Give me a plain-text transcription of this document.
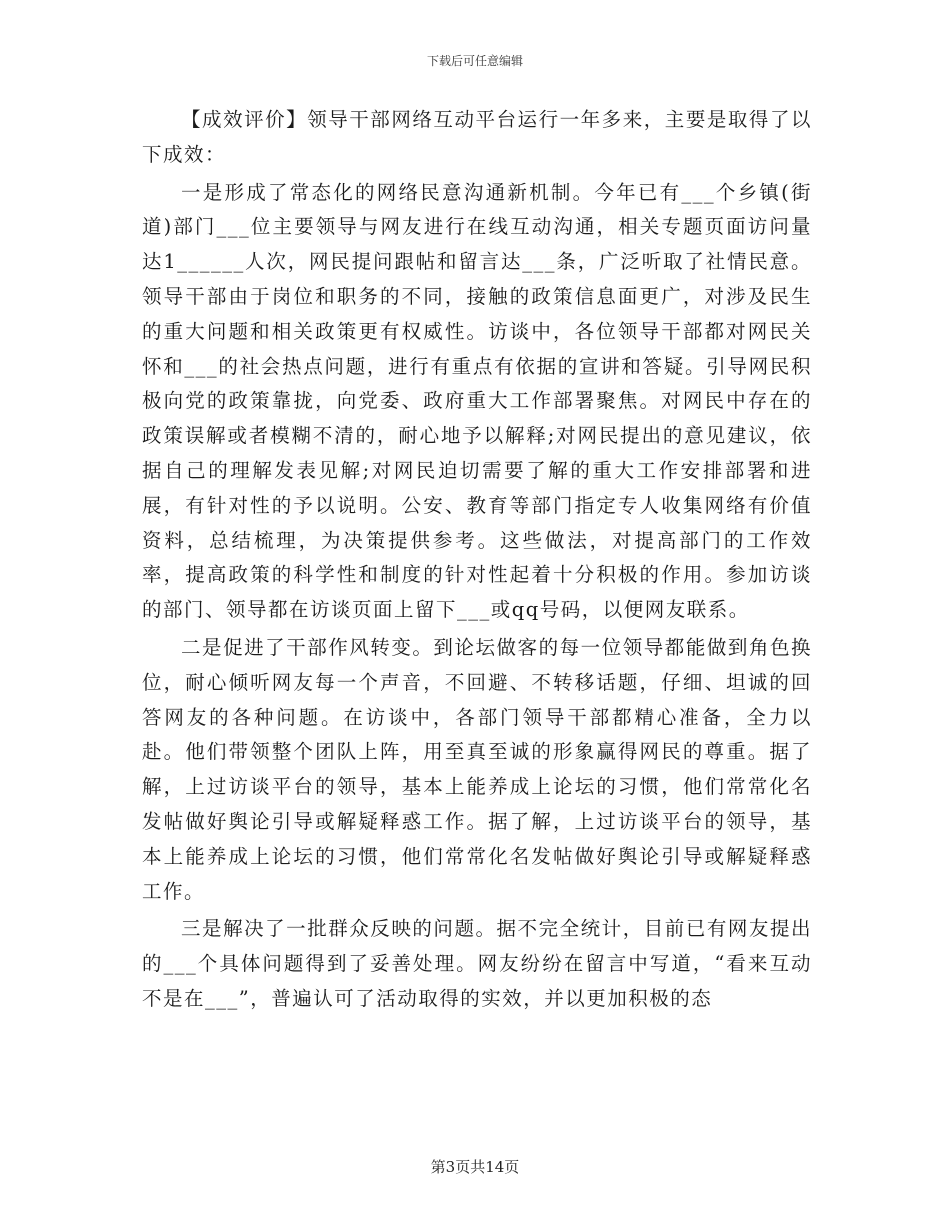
下载后可任意编辑

【成效评价】领导干部网络互动平台运行一年多来，主要是取得了以下成效：

一是形成了常态化的网络民意沟通新机制。今年已有___个乡镇(街道)部门___位主要领导与网友进行在线互动沟通，相关专题页面访问量达1______人次，网民提问跟帖和留言达___条，广泛听取了社情民意。领导干部由于岗位和职务的不同，接触的政策信息面更广，对涉及民生的重大问题和相关政策更有权威性。访谈中，各位领导干部都对网民关怀和___的社会热点问题，进行有重点有依据的宣讲和答疑。引导网民积极向党的政策靠拢，向党委、政府重大工作部署聚焦。对网民中存在的政策误解或者模糊不清的，耐心地予以解释;对网民提出的意见建议，依据自己的理解发表见解;对网民迫切需要了解的重大工作安排部署和进展，有针对性的予以说明。公安、教育等部门指定专人收集网络有价值资料，总结梳理，为决策提供参考。这些做法，对提高部门的工作效率，提高政策的科学性和制度的针对性起着十分积极的作用。参加访谈的部门、领导都在访谈页面上留下___或qq号码，以便网友联系。

二是促进了干部作风转变。到论坛做客的每一位领导都能做到角色换位，耐心倾听网友每一个声音，不回避、不转移话题，仔细、坦诚的回答网友的各种问题。在访谈中，各部门领导干部都精心准备，全力以赴。他们带领整个团队上阵，用至真至诚的形象赢得网民的尊重。据了解，上过访谈平台的领导，基本上能养成上论坛的习惯，他们常常化名发帖做好舆论引导或解疑释惑工作。据了解，上过访谈平台的领导，基本上能养成上论坛的习惯，他们常常化名发帖做好舆论引导或解疑释惑工作。

三是解决了一批群众反映的问题。据不完全统计，目前已有网友提出的___个具体问题得到了妥善处理。网友纷纷在留言中写道，“看来互动不是在___”，普遍认可了活动取得的实效，并以更加积极的态

第3页共14页
